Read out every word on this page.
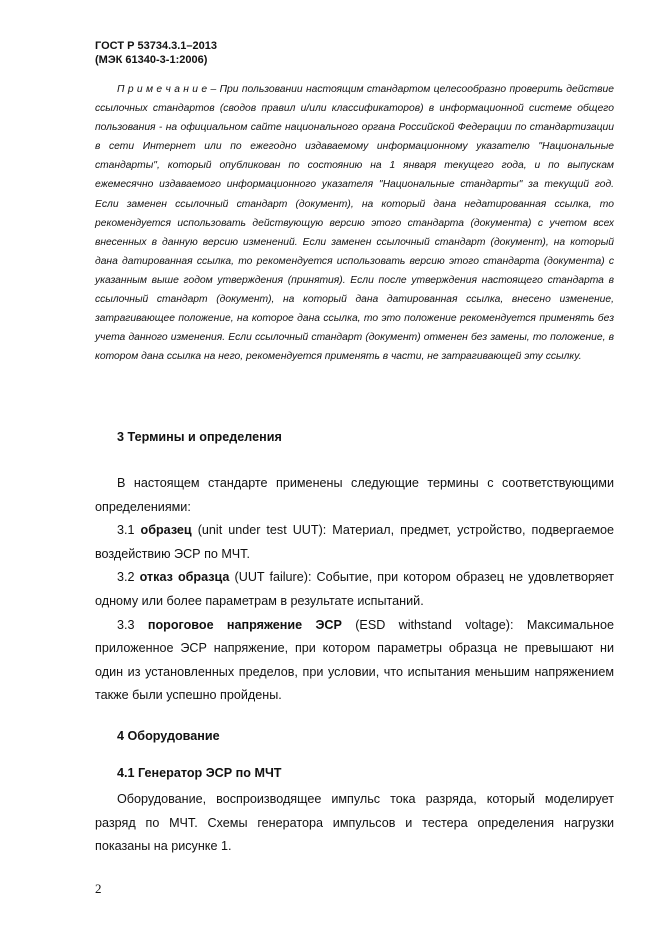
ГОСТ Р 53734.3.1–2013
(МЭК 61340-3-1:2006)
П р и м е ч а н и е – При пользовании настоящим стандартом целесообразно проверить действие ссылочных стандартов (сводов правил и/или классификаторов) в информационной системе общего пользования - на официальном сайте национального органа Российской Федерации по стандартизации в сети Интернет или по ежегодно издаваемому информационному указателю "Национальные стандарты", который опубликован по состоянию на 1 января текущего года, и по выпускам ежемесячно издаваемого информационного указателя "Национальные стандарты" за текущий год. Если заменен ссылочный стандарт (документ), на который дана недатированная ссылка, то рекомендуется использовать действующую версию этого стандарта (документа) с учетом всех внесенных в данную версию изменений. Если заменен ссылочный стандарт (документ), на который дана датированная ссылка, то рекомендуется использовать версию этого стандарта (документа) с указанным выше годом утверждения (принятия). Если после утверждения настоящего стандарта в ссылочный стандарт (документ), на который дана датированная ссылка, внесено изменение, затрагивающее положение, на которое дана ссылка, то это положение рекомендуется применять без учета данного изменения. Если ссылочный стандарт (документ) отменен без замены, то положение, в котором дана ссылка на него, рекомендуется применять в части, не затрагивающей эту ссылку.
3 Термины и определения

В настоящем стандарте применены следующие термины с соответствующими определениями:

3.1 образец (unit under test UUT): Материал, предмет, устройство, подвергаемое воздействию ЭСР по МЧТ.

3.2 отказ образца (UUT failure): Событие, при котором образец не удовлетворяет одному или более параметрам в результате испытаний.

3.3 пороговое напряжение ЭСР (ESD withstand voltage): Максимальное приложенное ЭСР напряжение, при котором параметры образца не превышают ни один из установленных пределов, при условии, что испытания меньшим напряжением также были успешно пройдены.

4 Оборудование
4.1 Генератор ЭСР по МЧТ

Оборудование, воспроизводящее импульс тока разряда, который моделирует разряд по МЧТ. Схемы генератора импульсов и тестера определения нагрузки показаны на рисунке 1.

2
